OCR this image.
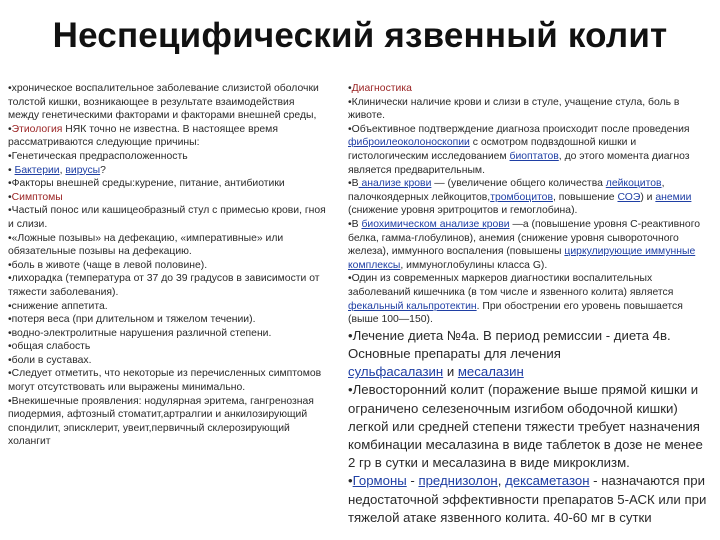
Неспецифический язвенный колит

•хроническое воспалительное заболевание слизистой оболочки толстой кишки, возникающее в результате взаимодействия между генетическими факторами и факторами внешней среды,

•Этиология НЯК точно не известна. В настоящее время рассматриваются следующие причины:

•Генетическая предрасположенность

• Бактерии, вирусы?

•Факторы внешней среды:курение, питание, антибиотики

•Симптомы

•Частый понос или кашицеобразный стул с примесью крови, гноя и слизи.

•«Ложные позывы» на дефекацию, «императивные» или обязательные позывы на дефекацию.

•боль в животе (чаще в левой половине).

•лихорадка (температура от 37 до 39 градусов в зависимости от тяжести заболевания).

•снижение аппетита.

•потеря веса (при длительном и тяжелом течении).

•водно-электролитные нарушения различной степени.

•общая слабость

•боли в суставах.

•Следует отметить, что некоторые из перечисленных симптомов могут отсутствовать или выражены минимально.

•Внекишечные проявления: нодулярная эритема, гангренозная пиодермия, афтозный стоматит,артралгии и анкилозирующий спондилит, эписклерит, увеит,первичный склерозирующий холангит

•Диагностика

•Клинически наличие крови и слизи в стуле, учащение стула, боль в животе.

•Объективное подтверждение диагноза происходит после проведения фиброилеоколоноскопии с осмотром подвздошной кишки и гистологическим исследованием биоптатов, до этого момента диагноз является предварительным.

•В анализе крови — (увеличение общего количества лейкоцитов, палочкоядерных лейкоцитов,тромбоцитов, повышение СОЭ) и анемии (снижение уровня эритроцитов и гемоглобина).

•В биохимическом анализе крови —а (повышение уровня С-реактивного белка, гамма-глобулинов), анемия (снижение уровня сывороточного железа), иммунного воспаления (повышены циркулирующие иммунные комплексы, иммуноглобулины класса G).

•Один из современных маркеров диагностики воспалительных заболеваний кишечника (в том числе и язвенного колита) является фекальный кальпротектин. При обострении его уровень повышается (выше 100—150).

•Лечение диета №4а. В период ремиссии - диета 4в. Основные препараты для лечения

сульфасалазин и месалазин

•Левосторонний колит (поражение выше прямой кишки и ограничено селезеночным изгибом ободочной кишки) легкой или средней степени тяжести требует назначения комбинации месалазина в виде таблеток в дозе не менее 2 гр в сутки и месалазина в виде микроклизм.

•Гормоны - преднизолон, дексаметазон - назначаются при недостаточной эффективности препаратов 5-АСК или при тяжелой атаке язвенного колита. 40-60 мг в сутки
